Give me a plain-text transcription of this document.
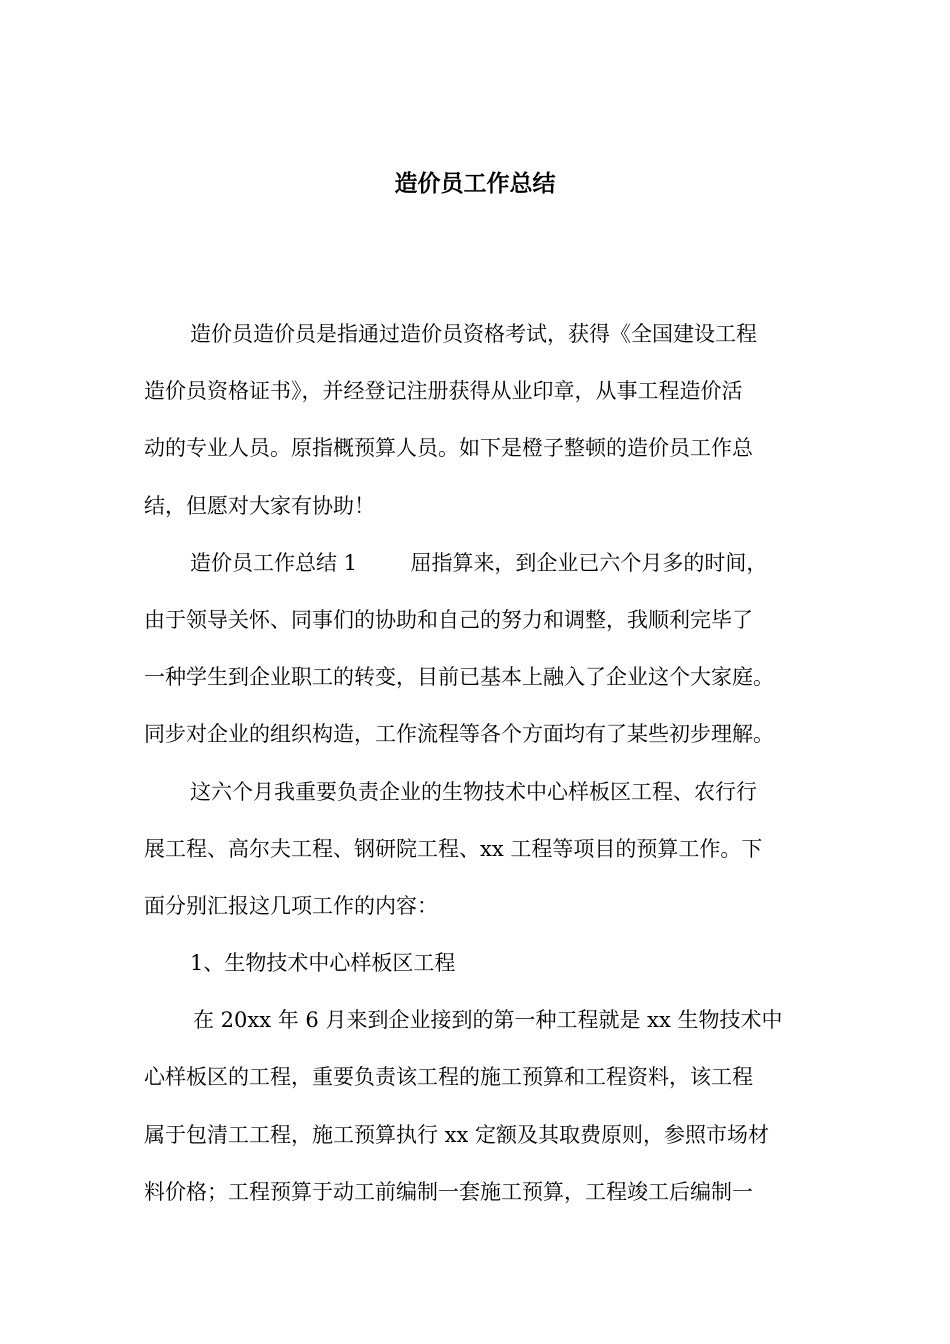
造价员工作总结
造价员造价员是指通过造价员资格考试，获得《全国建设工程
造价员资格证书》，并经登记注册获得从业印章，从事工程造价活
动的专业人员。原指概预算人员。如下是橙子整顿的造价员工作总
结，但愿对大家有协助！
造价员工作总结 1        屈指算来，到企业已六个月多的时间，
由于领导关怀、同事们的协助和自己的努力和调整，我顺利完毕了
一种学生到企业职工的转变，目前已基本上融入了企业这个大家庭。
同步对企业的组织构造，工作流程等各个方面均有了某些初步理解。
这六个月我重要负责企业的生物技术中心样板区工程、农行行
展工程、高尔夫工程、钢研院工程、xx 工程等项目的预算工作。下
面分别汇报这几项工作的内容：
1、生物技术中心样板区工程
在 20xx 年 6 月来到企业接到的第一种工程就是 xx 生物技术中
心样板区的工程，重要负责该工程的施工预算和工程资料，该工程
属于包清工工程，施工预算执行 xx 定额及其取费原则，参照市场材
料价格；工程预算于动工前编制一套施工预算，工程竣工后编制一
